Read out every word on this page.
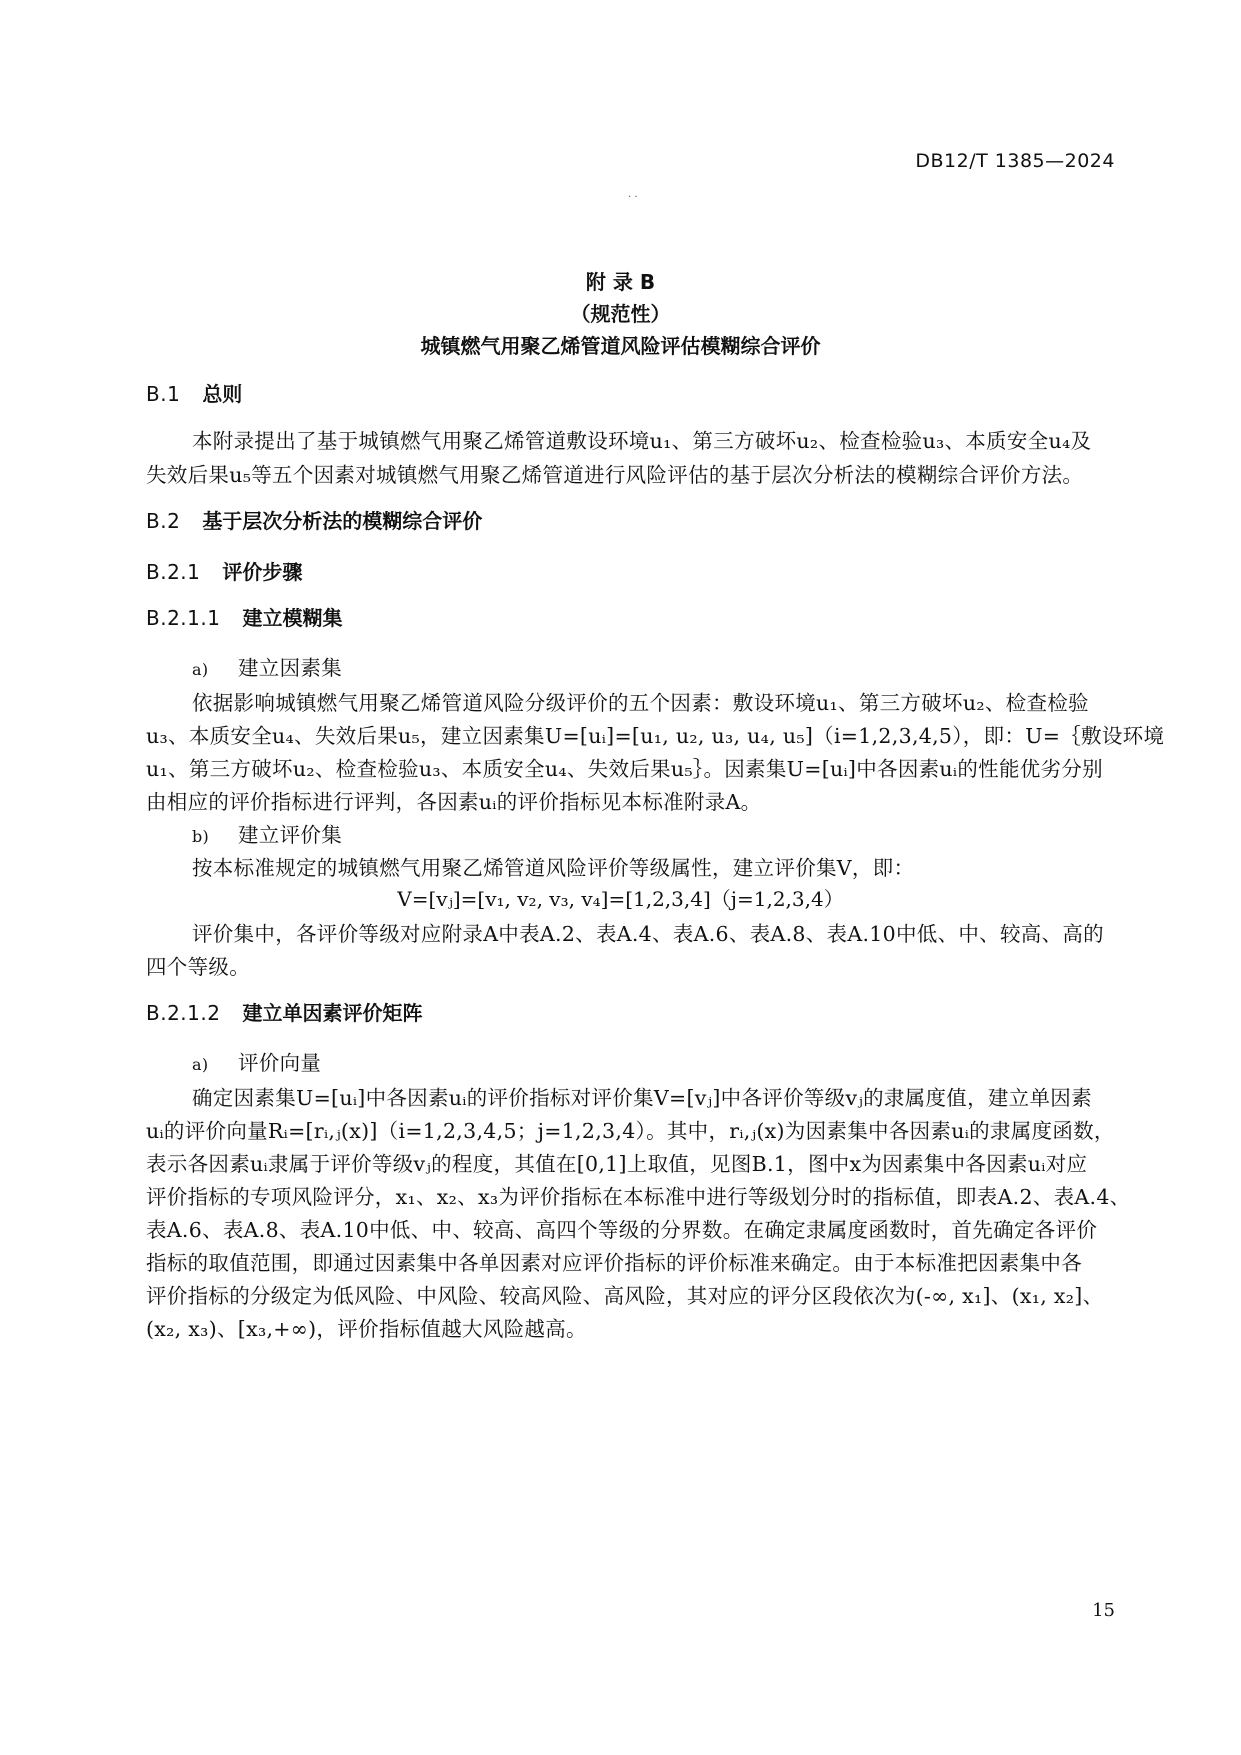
DB12/T 1385—2024
· ·
附 录 B
（规范性）
城镇燃气用聚乙烯管道风险评估模糊综合评价
B.1 总则
本附录提出了基于城镇燃气用聚乙烯管道敷设环境u₁、第三方破坏u₂、检查检验u₃、本质安全u₄及
失效后果u₅等五个因素对城镇燃气用聚乙烯管道进行风险评估的基于层次分析法的模糊综合评价方法。
B.2 基于层次分析法的模糊综合评价
B.2.1 评价步骤
B.2.1.1 建立模糊集
a) 建立因素集
依据影响城镇燃气用聚乙烯管道风险分级评价的五个因素：敷设环境u₁、第三方破坏u₂、检查检验
u₃、本质安全u₄、失效后果u₅，建立因素集U=[uᵢ]=[u₁, u₂, u₃, u₄, u₅]（i=1,2,3,4,5），即：U=｛敷设环境
u₁、第三方破坏u₂、检查检验u₃、本质安全u₄、失效后果u₅｝。因素集U=[uᵢ]中各因素uᵢ的性能优劣分别
由相应的评价指标进行评判，各因素uᵢ的评价指标见本标准附录A。
b) 建立评价集
按本标准规定的城镇燃气用聚乙烯管道风险评价等级属性，建立评价集V，即：
V=[vⱼ]=[v₁, v₂, v₃, v₄]=[1,2,3,4]（j=1,2,3,4）
评价集中，各评价等级对应附录A中表A.2、表A.4、表A.6、表A.8、表A.10中低、中、较高、高的
四个等级。
B.2.1.2 建立单因素评价矩阵
a) 评价向量
确定因素集U=[uᵢ]中各因素uᵢ的评价指标对评价集V=[vⱼ]中各评价等级vⱼ的隶属度值，建立单因素
uᵢ的评价向量Rᵢ=[rᵢ,ⱼ(x)]（i=1,2,3,4,5；j=1,2,3,4）。其中，rᵢ,ⱼ(x)为因素集中各因素uᵢ的隶属度函数，
表示各因素uᵢ隶属于评价等级vⱼ的程度，其值在[0,1]上取值，见图B.1，图中x为因素集中各因素uᵢ对应
评价指标的专项风险评分，x₁、x₂、x₃为评价指标在本标准中进行等级划分时的指标值，即表A.2、表A.4、
表A.6、表A.8、表A.10中低、中、较高、高四个等级的分界数。在确定隶属度函数时，首先确定各评价
指标的取值范围，即通过因素集中各单因素对应评价指标的评价标准来确定。由于本标准把因素集中各
评价指标的分级定为低风险、中风险、较高风险、高风险，其对应的评分区段依次为(-∞, x₁]、(x₁, x₂]、
(x₂, x₃)、[x₃,+∞)，评价指标值越大风险越高。
15
